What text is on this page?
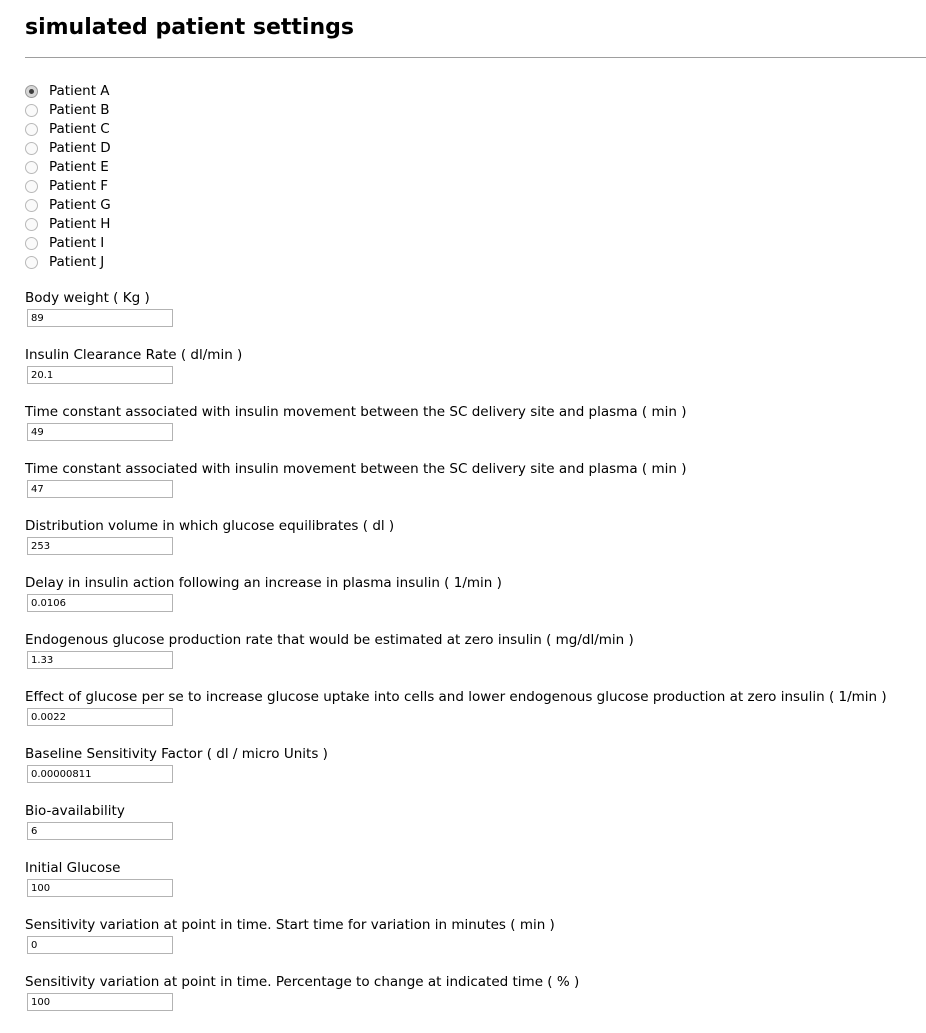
simulated patient settings
Patient A
Patient B
Patient C
Patient D
Patient E
Patient F
Patient G
Patient H
Patient I
Patient J
Body weight ( Kg )
89
Insulin Clearance Rate ( dl/min )
20.1
Time constant associated with insulin movement between the SC delivery site and plasma ( min )
49
Time constant associated with insulin movement between the SC delivery site and plasma ( min )
47
Distribution volume in which glucose equilibrates ( dl )
253
Delay in insulin action following an increase in plasma insulin ( 1/min )
0.0106
Endogenous glucose production rate that would be estimated at zero insulin ( mg/dl/min )
1.33
Effect of glucose per se to increase glucose uptake into cells and lower endogenous glucose production at zero insulin ( 1/min )
0.0022
Baseline Sensitivity Factor ( dl / micro Units )
0.00000811
Bio-availability
6
Initial Glucose
100
Sensitivity variation at point in time. Start time for variation in minutes ( min )
0
Sensitivity variation at point in time. Percentage to change at indicated time ( % )
100
